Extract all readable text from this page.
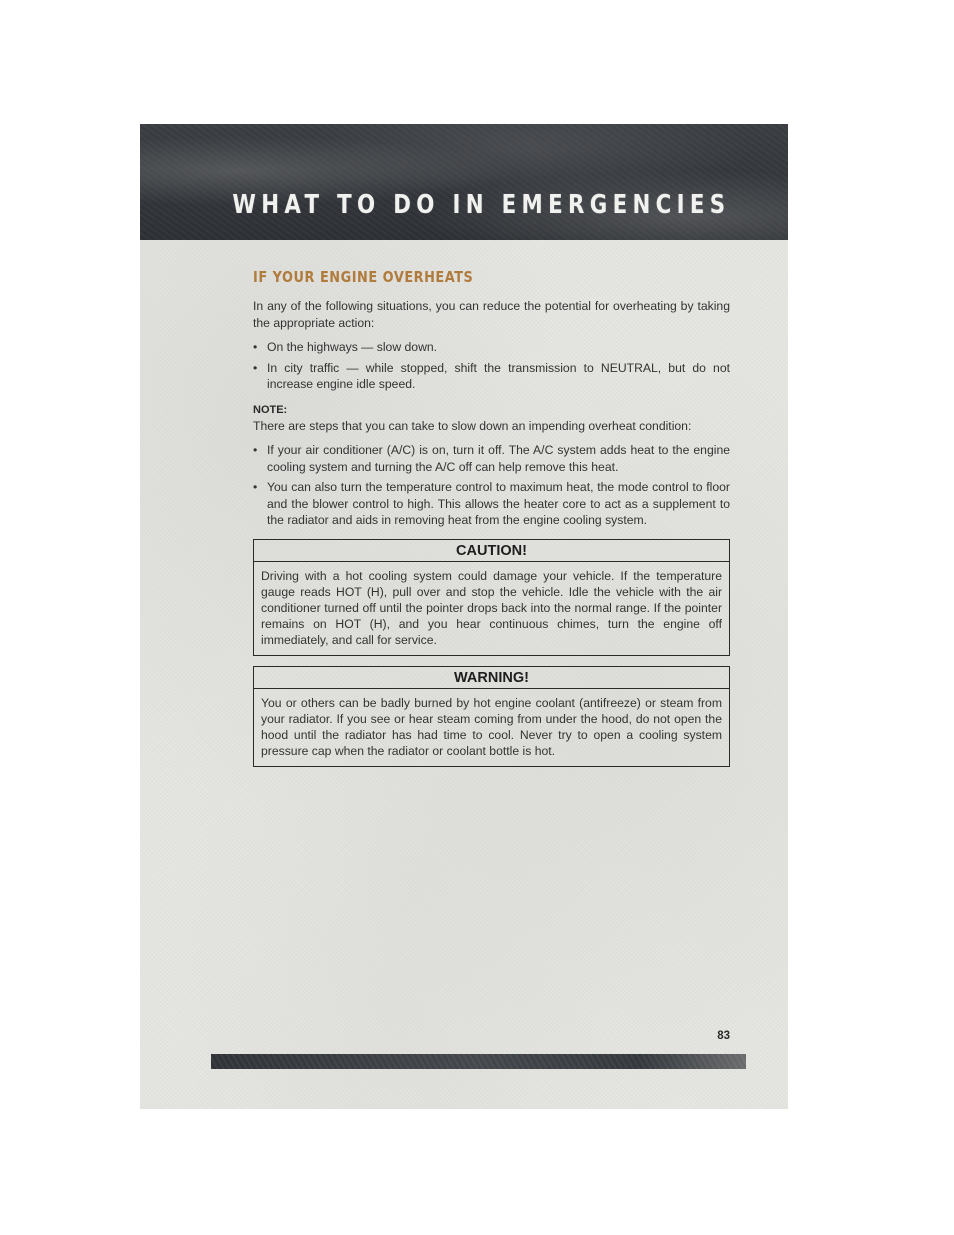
WHAT TO DO IN EMERGENCIES
IF YOUR ENGINE OVERHEATS

In any of the following situations, you can reduce the potential for overheating by taking the appropriate action:

• On the highways — slow down.
• In city traffic — while stopped, shift the transmission to NEUTRAL, but do not increase engine idle speed.
NOTE:

There are steps that you can take to slow down an impending overheat condition:

• If your air conditioner (A/C) is on, turn it off. The A/C system adds heat to the engine cooling system and turning the A/C off can help remove this heat.
• You can also turn the temperature control to maximum heat, the mode control to floor and the blower control to high. This allows the heater core to act as a supplement to the radiator and aids in removing heat from the engine cooling system.
CAUTION!
Driving with a hot cooling system could damage your vehicle. If the temperature gauge reads HOT (H), pull over and stop the vehicle. Idle the vehicle with the air conditioner turned off until the pointer drops back into the normal range. If the pointer remains on HOT (H), and you hear continuous chimes, turn the engine off immediately, and call for service.
WARNING!
You or others can be badly burned by hot engine coolant (antifreeze) or steam from your radiator. If you see or hear steam coming from under the hood, do not open the hood until the radiator has had time to cool. Never try to open a cooling system pressure cap when the radiator or coolant bottle is hot.
83
